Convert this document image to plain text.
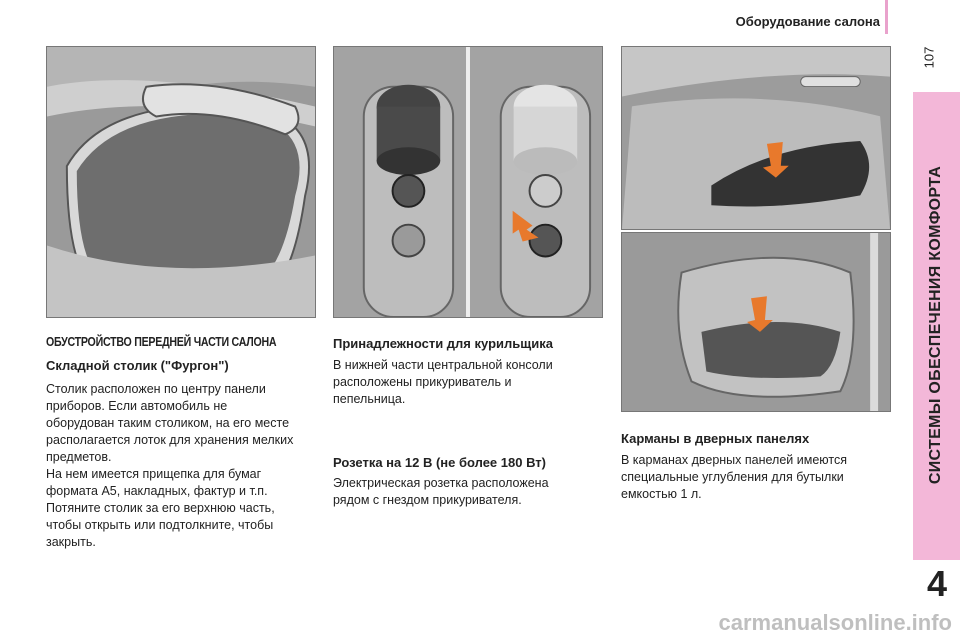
Оборудование салона
107
СИСТЕМЫ ОБЕСПЕЧЕНИЯ КОМФОРТА
4
ОБУСТРОЙСТВО ПЕРЕДНЕЙ ЧАСТИ САЛОНА
Складной столик ("Фургон")
Столик расположен по центру панели
приборов. Если автомобиль не
оборудован таким столиком, на его месте
располагается лоток для хранения мелких
предметов.
На нем имеется прищепка для бумаг
формата А5, накладных, фактур и т.п.
Потяните столик за его верхнюю часть,
чтобы открыть или подтолкните, чтобы
закрыть.
Принадлежности для курильщика
В нижней части центральной консоли
расположены прикуриватель и
пепельница.
Розетка на 12 В (не более 180 Вт)
Электрическая розетка расположена
рядом с гнездом прикуривателя.
Карманы в дверных панелях
В карманах дверных панелей имеются
специальные углубления для бутылки
емкостью 1 л.
carmanualsonline.info
